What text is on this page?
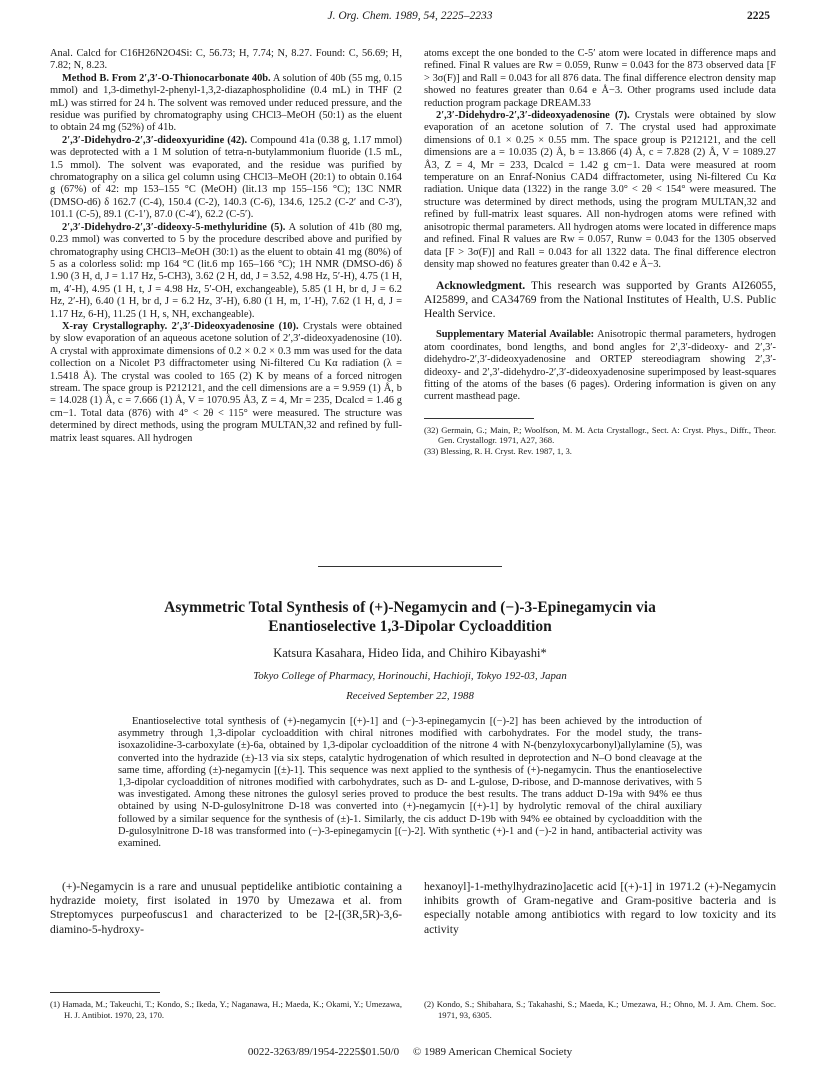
J. Org. Chem. 1989, 54, 2225–2233	2225

Anal. Calcd for C16H26N2O4Si: C, 56.73; H, 7.74; N, 8.27. Found: C, 56.69; H, 7.82; N, 8.23.

Method B. From 2′,3′-O-Thionocarbonate 40b. A solution of 40b (55 mg, 0.15 mmol) and 1,3-dimethyl-2-phenyl-1,3,2-diazaphospholidine (0.4 mL) in THF (2 mL) was stirred for 24 h. The solvent was removed under reduced pressure, and the residue was purified by chromatography using CHCl3–MeOH (50:1) as the eluent to obtain 24 mg (52%) of 41b.

2′,3′-Didehydro-2′,3′-dideoxyuridine (42). Compound 41a (0.38 g, 1.17 mmol) was deprotected with a 1 M solution of tetra-n-butylammonium fluoride (1.5 mL, 1.5 mmol). The solvent was evaporated, and the residue was purified by chromatography on a silica gel column using CHCl3–MeOH (20:1) to obtain 0.164 g (67%) of 42: mp 153–155 °C (MeOH) (lit.13 mp 155–156 °C); 13C NMR (DMSO-d6) δ 162.7 (C-4), 150.4 (C-2), 140.3 (C-6), 134.6, 125.2 (C-2′ and C-3′), 101.1 (C-5), 89.1 (C-1′), 87.0 (C-4′), 62.2 (C-5′).

2′,3′-Didehydro-2′,3′-dideoxy-5-methyluridine (5). A solution of 41b (80 mg, 0.23 mmol) was converted to 5 by the procedure described above and purified by chromatography using CHCl3–MeOH (30:1) as the eluent to obtain 41 mg (80%) of 5 as a colorless solid: mp 164 °C (lit.6 mp 165–166 °C); 1H NMR (DMSO-d6) δ 1.90 (3 H, d, J = 1.17 Hz, 5-CH3), 3.62 (2 H, dd, J = 3.52, 4.98 Hz, 5′-H), 4.75 (1 H, m, 4′-H), 4.95 (1 H, t, J = 4.98 Hz, 5′-OH, exchangeable), 5.85 (1 H, br d, J = 6.2 Hz, 2′-H), 6.40 (1 H, br d, J = 6.2 Hz, 3′-H), 6.80 (1 H, m, 1′-H), 7.62 (1 H, d, J = 1.17 Hz, 6-H), 11.25 (1 H, s, NH, exchangeable).

X-ray Crystallography. 2′,3′-Dideoxyadenosine (10). Crystals were obtained by slow evaporation of an aqueous acetone solution of 2′,3′-dideoxyadenosine (10). A crystal with approximate dimensions of 0.2 × 0.2 × 0.3 mm was used for the data collection on a Nicolet P3 diffractometer using Ni-filtered Cu Kα radiation (λ = 1.5418 Å). The crystal was cooled to 165 (2) K by means of a forced nitrogen stream. The space group is P212121, and the cell dimensions are a = 9.959 (1) Å, b = 14.028 (1) Å, c = 7.666 (1) Å, V = 1070.95 Å3, Z = 4, Mr = 235, Dcalcd = 1.46 g cm−1. Total data (876) with 4° < 2θ < 115° were measured. The structure was determined by direct methods, using the program MULTAN,32 and refined by full-matrix least squares. All hydrogen

atoms except the one bonded to the C-5′ atom were located in difference maps and refined. Final R values are Rw = 0.059, Runw = 0.043 for the 873 observed data [F > 3σ(F)] and Rall = 0.043 for all 876 data. The final difference electron density map showed no features greater than 0.64 e Å−3. Other programs used include data reduction program package DREAM.33

2′,3′-Didehydro-2′,3′-dideoxyadenosine (7). Crystals were obtained by slow evaporation of an acetone solution of 7. The crystal used had approximate dimensions of 0.1 × 0.25 × 0.55 mm. The space group is P212121, and the cell dimensions are a = 10.035 (2) Å, b = 13.866 (4) Å, c = 7.828 (2) Å, V = 1089.27 Å3, Z = 4, Mr = 233, Dcalcd = 1.42 g cm−1. Data were measured at room temperature on an Enraf-Nonius CAD4 diffractometer, using Ni-filtered Cu Kα radiation. Unique data (1322) in the range 3.0° < 2θ < 154° were measured. The structure was determined by direct methods, using the program MULTAN,32 and refined by full-matrix least squares. All non-hydrogen atoms were refined with anisotropic thermal parameters. All hydrogen atoms were located in difference maps and refined. Final R values are Rw = 0.057, Runw = 0.043 for the 1305 observed data [F > 3σ(F)] and Rall = 0.043 for all 1322 data. The final difference electron density map showed no features greater than 0.42 e Å−3.

Acknowledgment. This research was supported by Grants AI26055, AI25899, and CA34769 from the National Institutes of Health, U.S. Public Health Service.

Supplementary Material Available: Anisotropic thermal parameters, hydrogen atom coordinates, bond lengths, and bond angles for 2′,3′-dideoxy- and 2′,3′-didehydro-2′,3′-dideoxyadenosine and ORTEP stereodiagram showing 2′,3′-dideoxy- and 2′,3′-didehydro-2′,3′-dideoxyadenosine superimposed by least-squares fitting of the atoms of the bases (6 pages). Ordering information is given on any current masthead page.

(32) Germain, G.; Main, P.; Woolfson, M. M. Acta Crystallogr., Sect. A: Cryst. Phys., Diffr., Theor. Gen. Crystallogr. 1971, A27, 368.

(33) Blessing, R. H. Cryst. Rev. 1987, 1, 3.

Asymmetric Total Synthesis of (+)-Negamycin and (−)-3-Epinegamycin via
Enantioselective 1,3-Dipolar Cycloaddition
Katsura Kasahara, Hideo Iida, and Chihiro Kibayashi*
Tokyo College of Pharmacy, Horinouchi, Hachioji, Tokyo 192-03, Japan
Received September 22, 1988

Enantioselective total synthesis of (+)-negamycin [(+)-1] and (−)-3-epinegamycin [(−)-2] has been achieved by the introduction of asymmetry through 1,3-dipolar cycloaddition with chiral nitrones modified with carbohydrates. For the model study, the trans-isoxazolidine-3-carboxylate (±)-6a, obtained by 1,3-dipolar cycloaddition of the nitrone 4 with N-(benzyloxycarbonyl)allylamine (5), was converted into the hydrazide (±)-13 via six steps, catalytic hydrogenation of which resulted in deprotection and N–O bond cleavage at the same time, affording (±)-negamycin [(±)-1]. This sequence was next applied to the synthesis of (+)-negamycin. Thus the enantioselective 1,3-dipolar cycloaddition of nitrones modified with carbohydrates, such as D- and L-gulose, D-ribose, and D-mannose derivatives, with 5 was investigated. Among these nitrones the gulosyl series proved to produce the best results. The trans adduct D-19a with 94% ee thus obtained by using N-D-gulosylnitrone D-18 was converted into (+)-negamycin [(+)-1] by hydrolytic removal of the chiral auxiliary followed by a similar sequence for the synthesis of (±)-1. Similarly, the cis adduct D-19b with 94% ee obtained by cycloaddition with the D-gulosylnitrone D-18 was transformed into (−)-3-epinegamycin [(−)-2]. With synthetic (+)-1 and (−)-2 in hand, antibacterial activity was examined.

(+)-Negamycin is a rare and unusual peptidelike antibiotic containing a hydrazide moiety, first isolated in 1970 by Umezawa et al. from Streptomyces purpeofuscus1 and characterized to be [2-[(3R,5R)-3,6-diamino-5-hydroxy-

hexanoyl]-1-methylhydrazino]acetic acid [(+)-1] in 1971.2 (+)-Negamycin inhibits growth of Gram-negative and Gram-positive bacteria and is especially notable among antibiotics with regard to low toxicity and its activity

(1) Hamada, M.; Takeuchi, T.; Kondo, S.; Ikeda, Y.; Naganawa, H.; Maeda, K.; Okami, Y.; Umezawa, H. J. Antibiot. 1970, 23, 170.

(2) Kondo, S.; Shibahara, S.; Takahashi, S.; Maeda, K.; Umezawa, H.; Ohno, M. J. Am. Chem. Soc. 1971, 93, 6305.

0022-3263/89/1954-2225$01.50/0 © 1989 American Chemical Society
